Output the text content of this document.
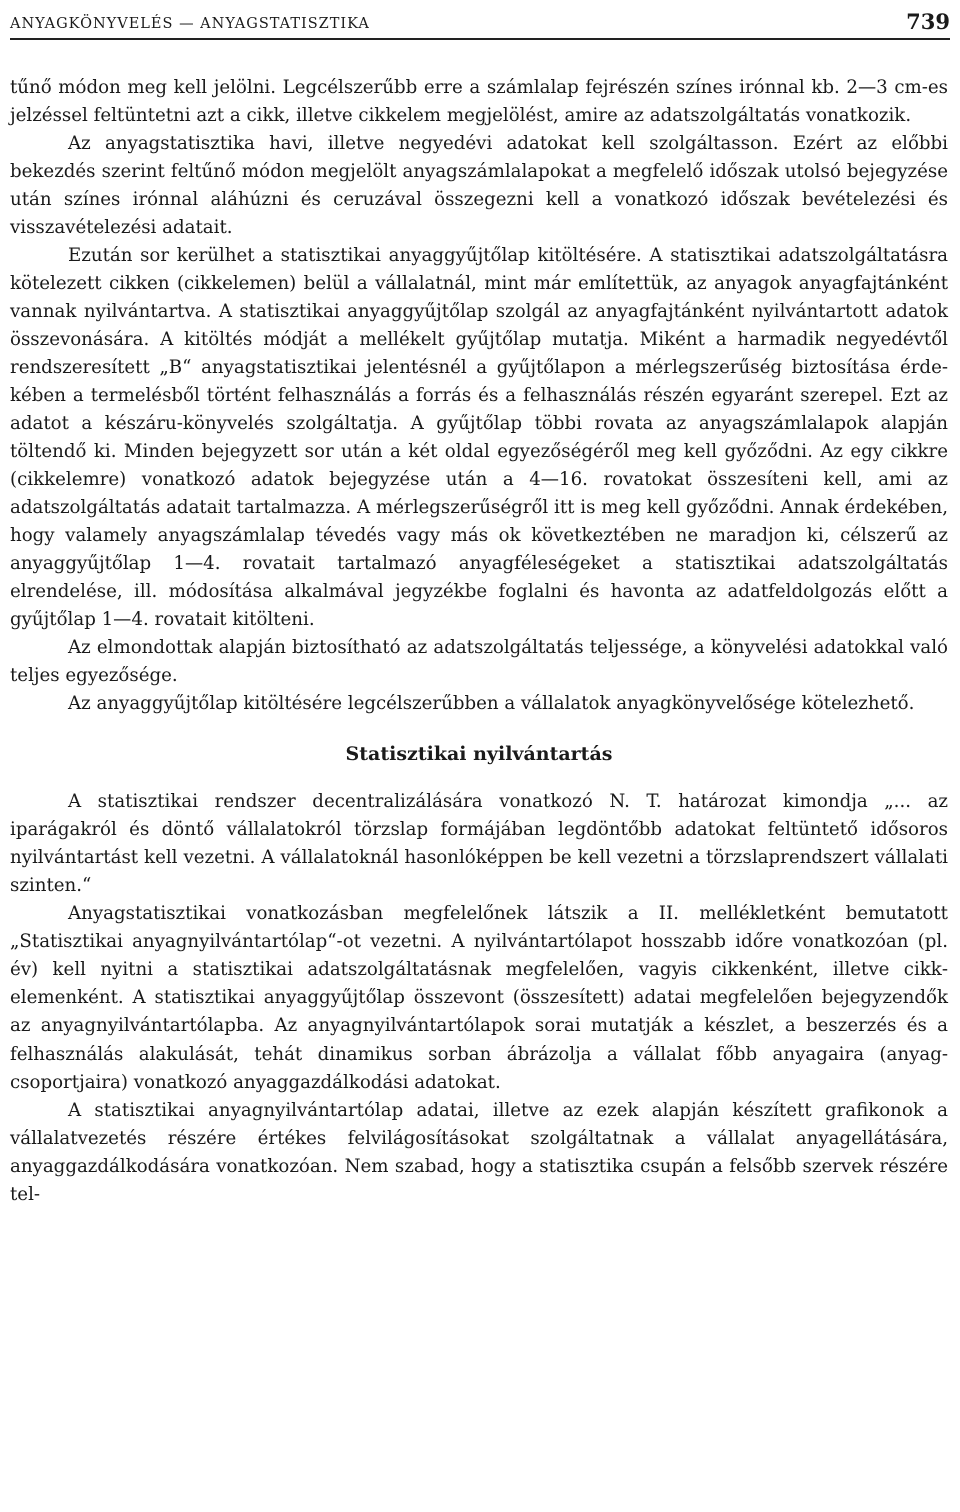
ANYAGKÖNYVELÉS — ANYAGSTATISZTIKA	739

tűnő módon meg kell jelölni. Legcélszerűbb erre a számlalap fejrészén színes irónnal kb. 2—3 cm-es jelzéssel feltüntetni azt a cikk, illetve cikkelem megjelölést, amire az adatszolgáltatás vonatkozik.

Az anyagstatisztika havi, illetve negyedévi adatokat kell szolgáltasson. Ezért az előbbi bekezdés szerint feltűnő módon megjelölt anyagszámlalapokat a megfelelő időszak utolsó bejegyzése után színes irónnal aláhúzni és ceruzával összegezni kell a vonatkozó időszak bevételezési és visszavételezési adatait.

Ezután sor kerülhet a statisztikai anyaggyűjtőlap kitöltésére. A statisztikai adatszolgáltatásra kötelezett cikken (cikkelemen) belül a vállalatnál, mint már említettük, az anyagok anyagfajtánként vannak nyilvántartva. A statisztikai anyaggyűjtőlap szolgál az anyagfajtánként nyilvántartott adatok összevonására. A kitöltés módját a mellékelt gyűjtőlap mutatja. Miként a harmadik negyedévtől rendszeresített „B“ anyagstatisztikai jelentésnél a gyűjtőlapon a mérlegszerűség biztosítása érdekében a termelésből történt felhasználás a forrás és a felhasználás részén egyaránt szerepel. Ezt az adatot a készáru-könyvelés szolgáltatja. A gyűjtőlap többi rovata az anyagszámlalapok alapján töltendő ki. Minden bejegyzett sor után a két oldal egyezőségéről meg kell győződni. Az egy cikkre (cikkelemre) vonatkozó adatok bejegyzése után a 4—16. rovatokat összesíteni kell, ami az adatszolgáltatás adatait tartalmazza. A mérlegszerűségről itt is meg kell győződni. Annak érdekében, hogy valamely anyagszámlalap tévedés vagy más ok következtében ne maradjon ki, célszerű az anyaggyűjtőlap 1—4. rovatait tartalmazó anyagféleségeket a statisztikai adatszolgáltatás elrendelése, ill. módosítása alkalmával jegyzékbe foglalni és havonta az adatfeldolgozás előtt a gyűjtőlap 1—4. rovatait kitölteni.

Az elmondottak alapján biztosítható az adatszolgáltatás teljessége, a könyvelési adatokkal való teljes egyezősége.

Az anyaggyűjtőlap kitöltésére legcélszerűbben a vállalatok anyagkönyvelősége kötelezhető.

Statisztikai nyilvántartás

A statisztikai rendszer decentralizálására vonatkozó N. T. határozat kimondja „... az iparágakról és döntő vállalatokról törzslap formájában legdöntőbb adatokat feltüntető idősoros nyilvántartást kell vezetni. A vállalatoknál hasonlóképpen be kell vezetni a törzslaprendszert vállalati szinten.“

Anyagstatisztikai vonatkozásban megfelelőnek látszik a II. mellékletként bemutatott „Statisztikai anyagnyilvántartólap“-ot vezetni. A nyilvántartólapot hosszabb időre vonatkozóan (pl. év) kell nyitni a statisztikai adatszolgáltatásnak megfelelően, vagyis cikkenként, illetve cikkelemenként. A statisztikai anyaggyűjtőlap összevont (összesített) adatai megfelelően bejegyzendők az anyagnyilvántartólapba. Az anyagnyilvántartólapok sorai mutatják a készlet, a beszerzés és a felhasználás alakulását, tehát dinamikus sorban ábrázolja a vállalat főbb anyagaira (anyagcsoportjaira) vonatkozó anyaggazdálkodási adatokat.

A statisztikai anyagnyilvántartólap adatai, illetve az ezek alapján készített grafikonok a vállalatvezetés részére értékes felvilágosításokat szolgáltatnak a vállalat anyagellátására, anyaggazdálkodására vonatkozóan. Nem szabad, hogy a statisztika csupán a felsőbb szervek részére tel-
